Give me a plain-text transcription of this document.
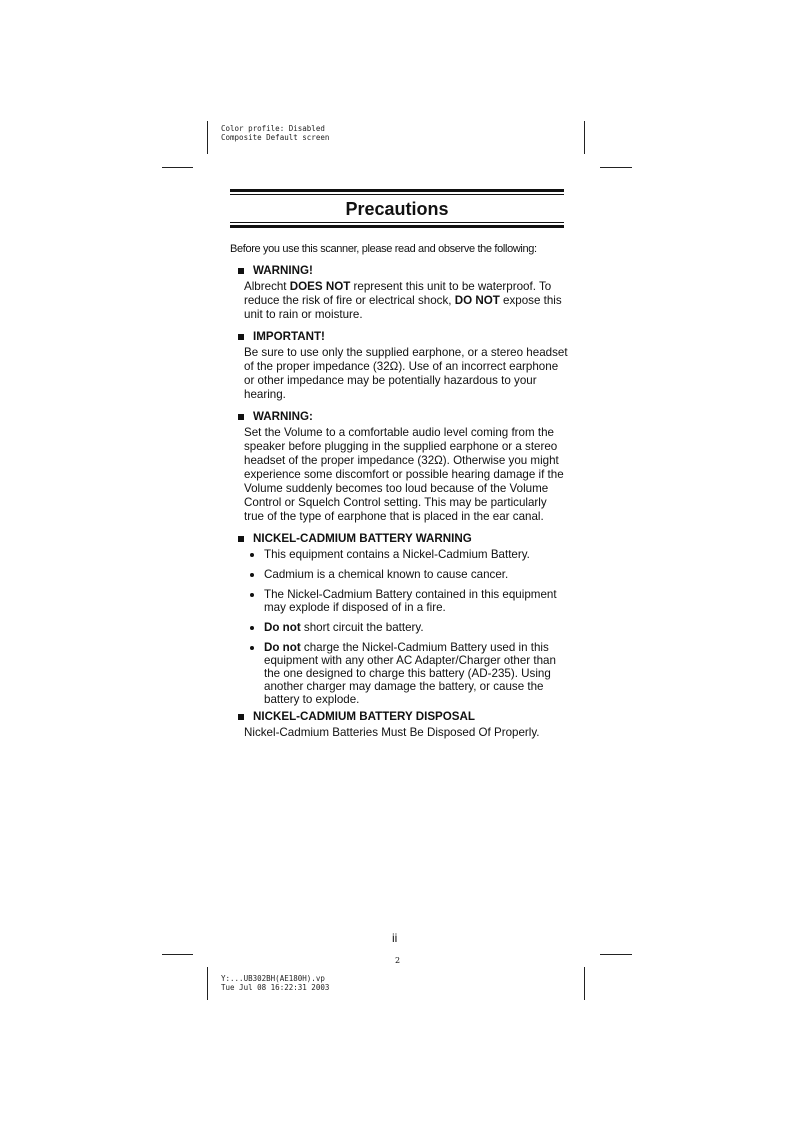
Color profile: Disabled
Composite Default screen
Y:...UB302BH(AE180H).vp
Tue Jul 08 16:22:31 2003
Precautions
Before you use this scanner, please read and observe the following:
WARNING!
Albrecht DOES NOT represent this unit to be waterproof. To reduce the risk of fire or electrical shock, DO NOT expose this unit to rain or moisture.
IMPORTANT!
Be sure to use only the supplied earphone, or a stereo headset of the proper impedance (32Ω). Use of an incorrect earphone or other impedance may be potentially hazardous to your hearing.
WARNING:
Set the Volume to a comfortable audio level coming from the speaker before plugging in the supplied earphone or a stereo headset of the proper impedance (32Ω). Otherwise you might experience some discomfort or possible hearing damage if the Volume suddenly becomes too loud because of the Volume Control or Squelch Control setting. This may be particularly true of the type of earphone that is placed in the ear canal.
NICKEL-CADMIUM BATTERY WARNING
This equipment contains a Nickel-Cadmium Battery.
Cadmium is a chemical known to cause cancer.
The Nickel-Cadmium Battery contained in this equipment may explode if disposed of in a fire.
Do not short circuit the battery.
Do not charge the Nickel-Cadmium Battery used in this equipment with any other AC Adapter/Charger other than the one designed to charge this battery (AD-235). Using another charger may damage the battery, or cause the battery to explode.
NICKEL-CADMIUM BATTERY DISPOSAL
Nickel-Cadmium Batteries Must Be Disposed Of Properly.
ii
2
